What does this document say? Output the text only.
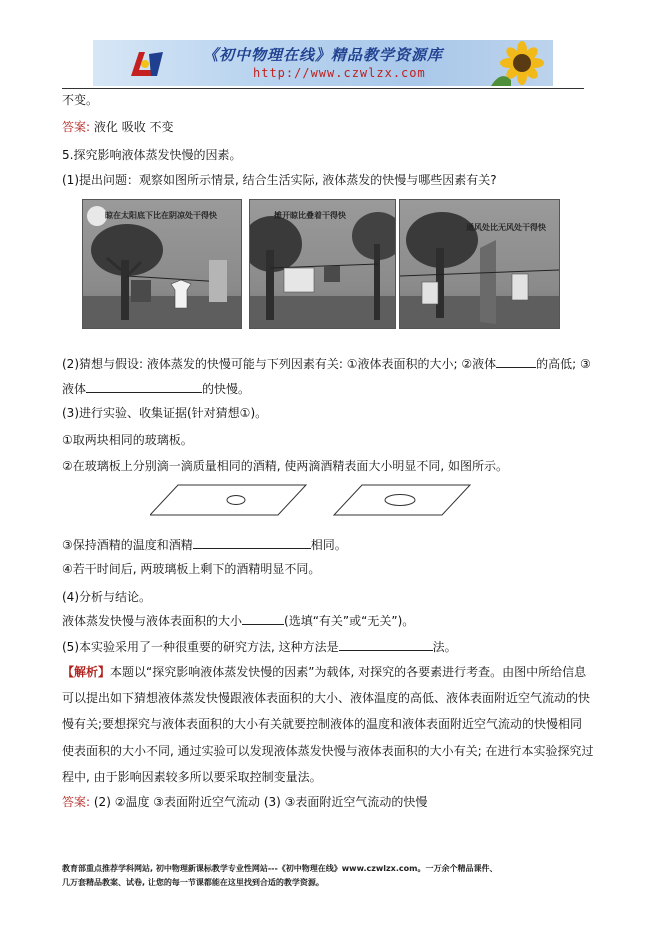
《初中物理在线》精品教学资源库
http://www.czwlzx.com
不变。
答案: 液化 吸收 不变
5.探究影响液体蒸发快慢的因素。
(1)提出问题：观察如图所示情景, 结合生活实际, 液体蒸发的快慢与哪些因素有关?
晾在太阳底下比在阴凉处干得快	摊开晾比叠着干得快
通风处比无风处干得快
(2)猜想与假设: 液体蒸发的快慢可能与下列因素有关: ①液体表面积的大小; ②液体	的高低; ③
液体	的快慢。
(3)进行实验、收集证据(针对猜想①)。
①取两块相同的玻璃板。
②在玻璃板上分别滴一滴质量相同的酒精, 使两滴酒精表面大小明显不同, 如图所示。
③保持酒精的温度和酒精	相同。
④若干时间后, 两玻璃板上剩下的酒精明显不同。
(4)分析与结论。
液体蒸发快慢与液体表面积的大小	(选填“有关”或“无关”)。
(5)本实验采用了一种很重要的研究方法, 这种方法是	法。
【解析】本题以“探究影响液体蒸发快慢的因素”为载体, 对探究的各要素进行考查。由图中所给信息
可以提出如下猜想液体蒸发快慢跟液体表面积的大小、液体温度的高低、液体表面附近空气流动的快
慢有关;要想探究与液体表面积的大小有关就要控制液体的温度和液体表面附近空气流动的快慢相同
使表面积的大小不同, 通过实验可以发现液体蒸发快慢与液体表面积的大小有关; 在进行本实验探究过
程中, 由于影响因素较多所以要采取控制变量法。
答案: (2) ②温度 ③表面附近空气流动 (3) ③表面附近空气流动的快慢
教育部重点推荐学科网站, 初中物理新课标教学专业性网站---《初中物理在线》www.czwlzx.com。一万余个精品课件、
几万套精品教案、试卷, 让您的每一节课都能在这里找到合适的教学资源。
